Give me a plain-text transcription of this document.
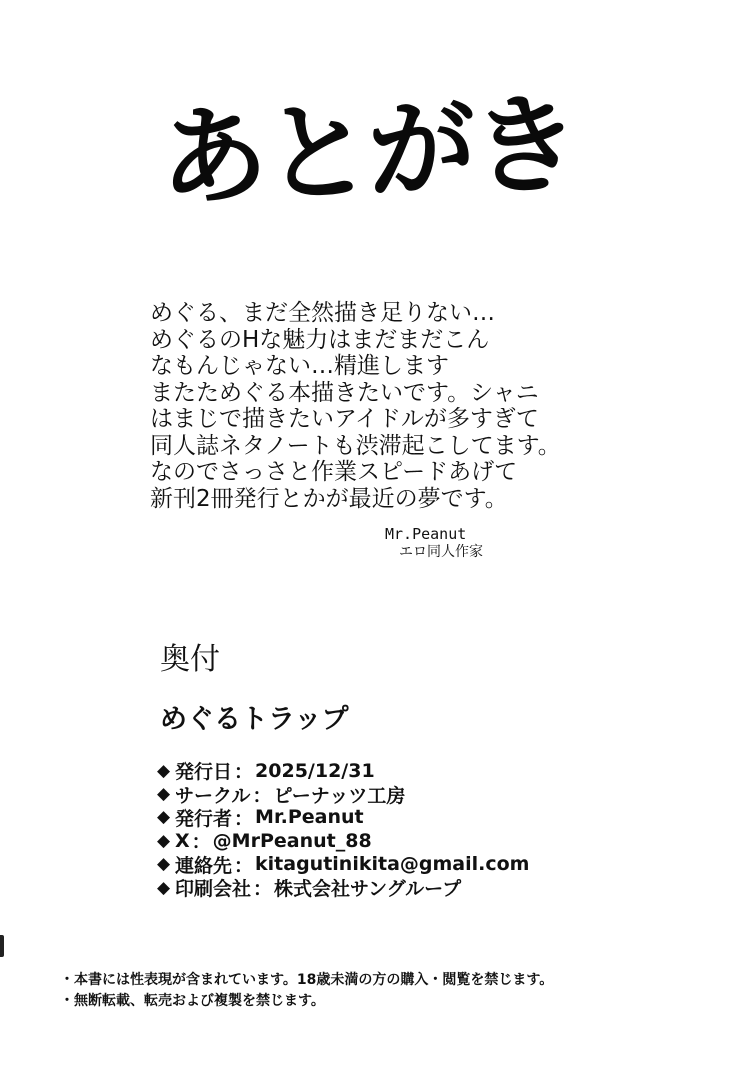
あとがき
めぐる、まだ全然描き足りない…
めぐるのHな魅力はまだまだこん
なもんじゃない…精進します
またためぐる本描きたいです。シャニ
はまじで描きたいアイドルが多すぎて
同人誌ネタノートも渋滞起こしてます。
なのでさっさと作業スピードあげて
新刊2冊発行とかが最近の夢です。
Mr.Peanut
エロ同人作家
奥付
めぐるトラップ
◆ 発行日 ： 2025/12/31
◆ サークル ： ピーナッツ工房
◆ 発行者 ： Mr.Peanut
◆ X ： @MrPeanut_88
◆ 連絡先 ： kitagutinikita@gmail.com
◆ 印刷会社 ： 株式会社サングループ
・本書には性表現が含まれています。18歳未満の方の購入・閲覧を禁じます。
・無断転載、転売および複製を禁じます。
